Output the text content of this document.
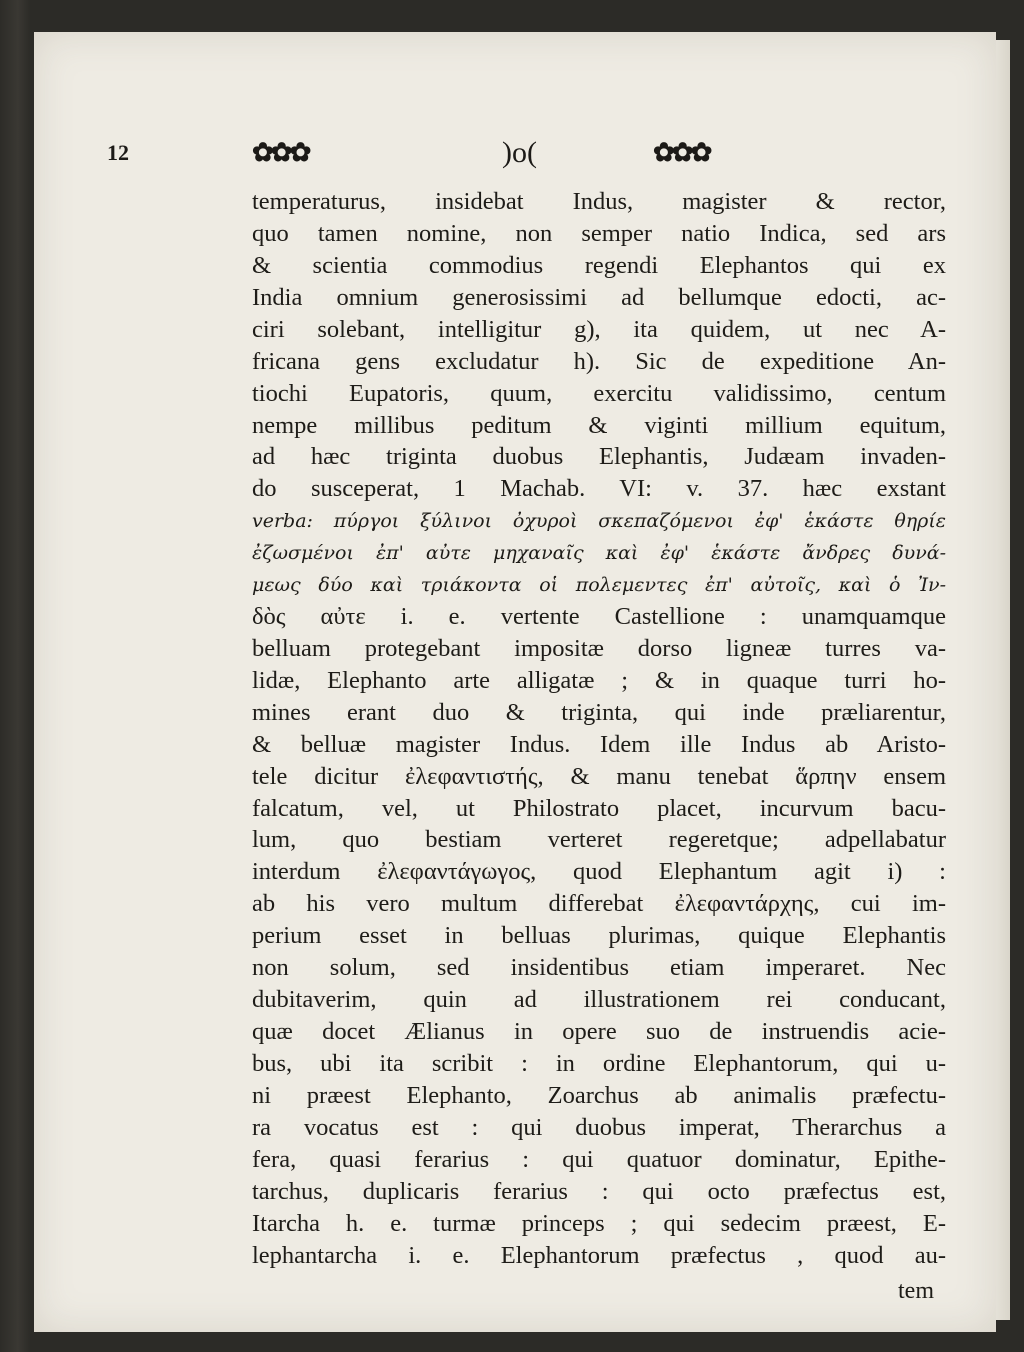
12	✿✿✿	)o(	✿✿✿
temperaturus, insidebat Indus, magister & rector,
quo tamen nomine, non semper natio Indica, sed ars
& scientia commodius regendi Elephantos qui ex
India omnium generosissimi ad bellumque edocti, ac-
ciri solebant, intelligitur g), ita quidem, ut nec A-
fricana gens excludatur h). Sic de expeditione An-
tiochi Eupatoris, quum, exercitu validissimo, centum
nempe millibus peditum & viginti millium equitum,
ad hæc triginta duobus Elephantis, Judæam invaden-
do susceperat, 1 Machab. VI: v. 37. hæc exstant
verba: πύργοι ξύλινοι ὀχυροὶ σκεπαζόμενοι ἐφ' ἑκάστε θηρίε
ἐζωσμένοι ἐπ' αὐτε μηχαναῖς καὶ ἐφ' ἑκάστε ἄνδρες δυνά-
μεως δύο καὶ τριάκοντα οἱ πολεμεντες ἐπ' αὐτοῖς, καὶ ὁ Ἰν-
δὸς αὐτε i. e. vertente Castellione : unamquamque
belluam protegebant impositæ dorso ligneæ turres va-
lidæ, Elephanto arte alligatæ ; & in quaque turri ho-
mines erant duo & triginta, qui inde præliarentur,
& belluæ magister Indus. Idem ille Indus ab Aristo-
tele dicitur ἐλεφαντιστής, & manu tenebat ἅρπην ensem
falcatum, vel, ut Philostrato placet, incurvum bacu-
lum, quo bestiam verteret regeretque; adpellabatur
interdum ἐλεφαντάγωγος, quod Elephantum agit i) :
ab his vero multum differebat ἐλεφαντάρχης, cui im-
perium esset in belluas plurimas, quique Elephantis
non solum, sed insidentibus etiam imperaret. Nec
dubitaverim, quin ad illustrationem rei conducant,
quæ docet Ælianus in opere suo de instruendis acie-
bus, ubi ita scribit : in ordine Elephantorum, qui u-
ni præest Elephanto, Zoarchus ab animalis præfectu-
ra vocatus est : qui duobus imperat, Therarchus a
fera, quasi ferarius : qui quatuor dominatur, Epithe-
tarchus, duplicaris ferarius : qui octo præfectus est,
Itarcha h. e. turmæ princeps ; qui sedecim præest, E-
lephantarcha i. e. Elephantorum præfectus , quod au-
tem
